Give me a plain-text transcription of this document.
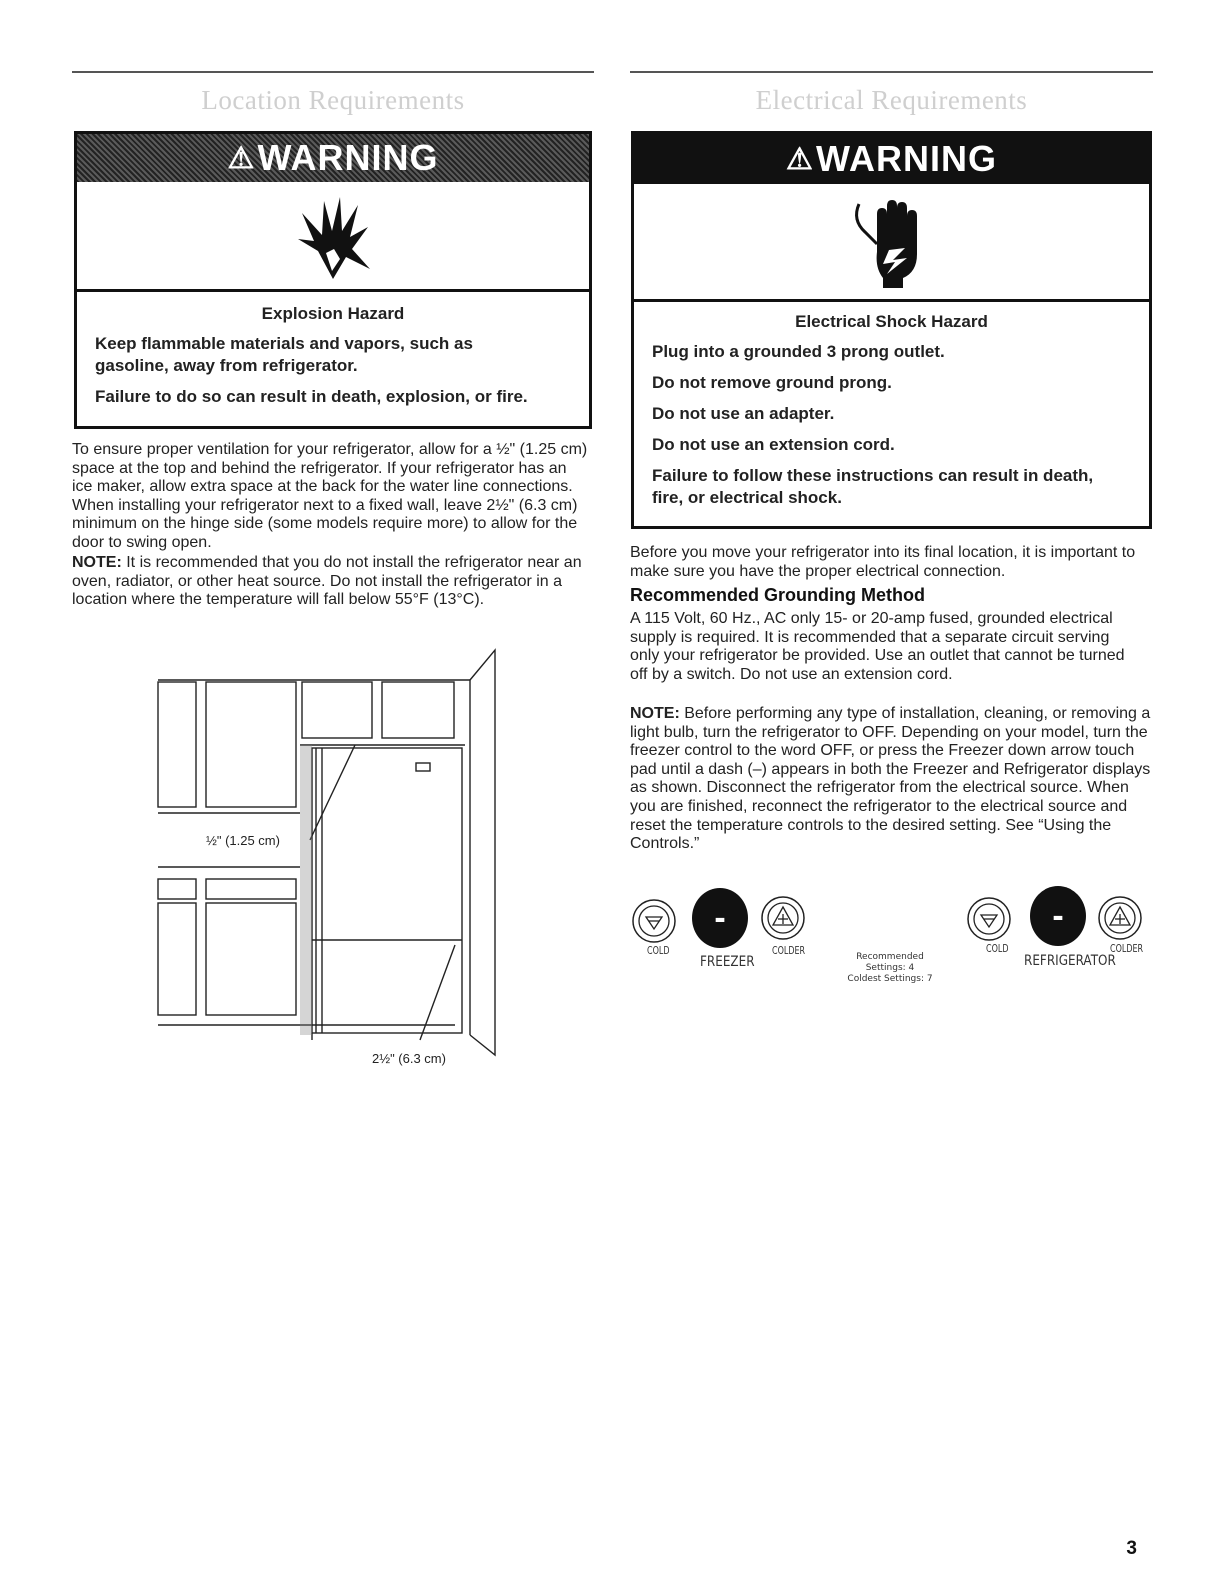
Location Requirements
⚠ WARNING
Explosion Hazard
Keep flammable materials and vapors, such as gasoline, away from refrigerator.
Failure to do so can result in death, explosion, or fire.
To ensure proper ventilation for your refrigerator, allow for a ½" (1.25 cm) space at the top and behind the refrigerator. If your refrigerator has an ice maker, allow extra space at the back for the water line connections. When installing your refrigerator next to a fixed wall, leave 2½" (6.3 cm) minimum on the hinge side (some models require more) to allow for the door to swing open.
NOTE: It is recommended that you do not install the refrigerator near an oven, radiator, or other heat source. Do not install the refrigerator in a location where the temperature will fall below 55°F (13°C).
½" (1.25 cm)
2½" (6.3 cm)
Electrical Requirements
⚠ WARNING
Electrical Shock Hazard
Plug into a grounded 3 prong outlet.
Do not remove ground prong.
Do not use an adapter.
Do not use an extension cord.
Failure to follow these instructions can result in death, fire, or electrical shock.
Before you move your refrigerator into its final location, it is important to make sure you have the proper electrical connection.
Recommended Grounding Method
A 115 Volt, 60 Hz., AC only 15- or 20-amp fused, grounded electrical supply is required. It is recommended that a separate circuit serving only your refrigerator be provided. Use an outlet that cannot be turned off by a switch. Do not use an extension cord.
NOTE: Before performing any type of installation, cleaning, or removing a light bulb, turn the refrigerator to OFF. Depending on your model, turn the freezer control to the word OFF, or press the Freezer down arrow touch pad until a dash (–) appears in both the Freezer and Refrigerator displays as shown. Disconnect the refrigerator from the electrical source. When you are finished, reconnect the refrigerator to the electrical source and reset the temperature controls to the desired setting. See “Using the Controls.”
-
COLD
FREEZER
COLDER
Recommended Settings: 4
Coldest Settings: 7
-
COLD
REFRIGERATOR
COLDER
3
